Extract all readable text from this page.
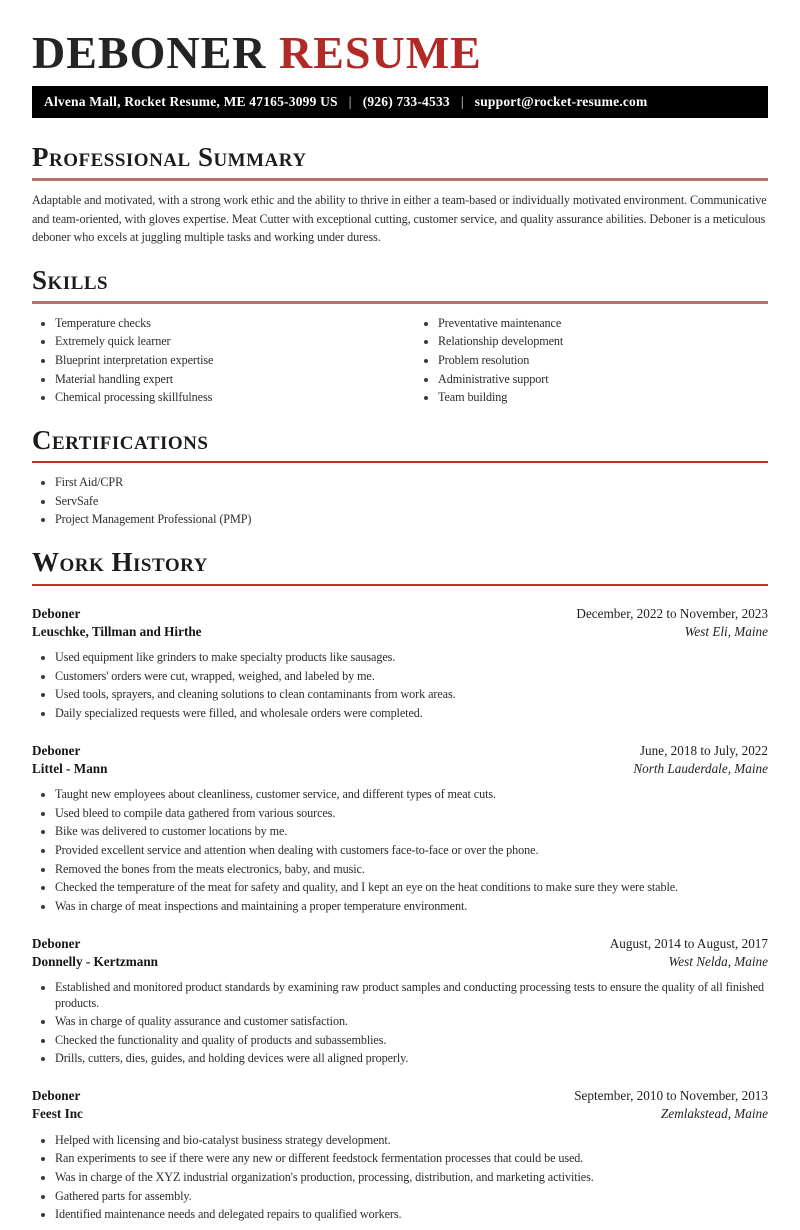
DEBONER RESUME
Alvena Mall, Rocket Resume, ME 47165-3099 US | (926) 733-4533 | support@rocket-resume.com
Professional Summary

Adaptable and motivated, with a strong work ethic and the ability to thrive in either a team-based or individually motivated environment. Communicative and team-oriented, with gloves expertise. Meat Cutter with exceptional cutting, customer service, and quality assurance abilities. Deboner is a meticulous deboner who excels at juggling multiple tasks and working under duress.

Skills
• Temperature checks
• Extremely quick learner
• Blueprint interpretation expertise
• Material handling expert
• Chemical processing skillfulness
• Preventative maintenance
• Relationship development
• Problem resolution
• Administrative support
• Team building
Certifications
• First Aid/CPR
• ServSafe
• Project Management Professional (PMP)
Work History
Deboner	December, 2022 to November, 2023
Leuschke, Tillman and Hirthe	West Eli, Maine
• Used equipment like grinders to make specialty products like sausages.
• Customers' orders were cut, wrapped, weighed, and labeled by me.
• Used tools, sprayers, and cleaning solutions to clean contaminants from work areas.
• Daily specialized requests were filled, and wholesale orders were completed.
Deboner	June, 2018 to July, 2022
Littel - Mann	North Lauderdale, Maine
• Taught new employees about cleanliness, customer service, and different types of meat cuts.
• Used bleed to compile data gathered from various sources.
• Bike was delivered to customer locations by me.
• Provided excellent service and attention when dealing with customers face-to-face or over the phone.
• Removed the bones from the meats electronics, baby, and music.
• Checked the temperature of the meat for safety and quality, and I kept an eye on the heat conditions to make sure they were stable.
• Was in charge of meat inspections and maintaining a proper temperature environment.
Deboner	August, 2014 to August, 2017
Donnelly - Kertzmann	West Nelda, Maine
• Established and monitored product standards by examining raw product samples and conducting processing tests to ensure the quality of all finished products.
• Was in charge of quality assurance and customer satisfaction.
• Checked the functionality and quality of products and subassemblies.
• Drills, cutters, dies, guides, and holding devices were all aligned properly.
Deboner	September, 2010 to November, 2013
Feest Inc	Zemlakstead, Maine
• Helped with licensing and bio-catalyst business strategy development.
• Ran experiments to see if there were any new or different feedstock fermentation processes that could be used.
• Was in charge of the XYZ industrial organization's production, processing, distribution, and marketing activities.
• Gathered parts for assembly.
• Identified maintenance needs and delegated repairs to qualified workers.
